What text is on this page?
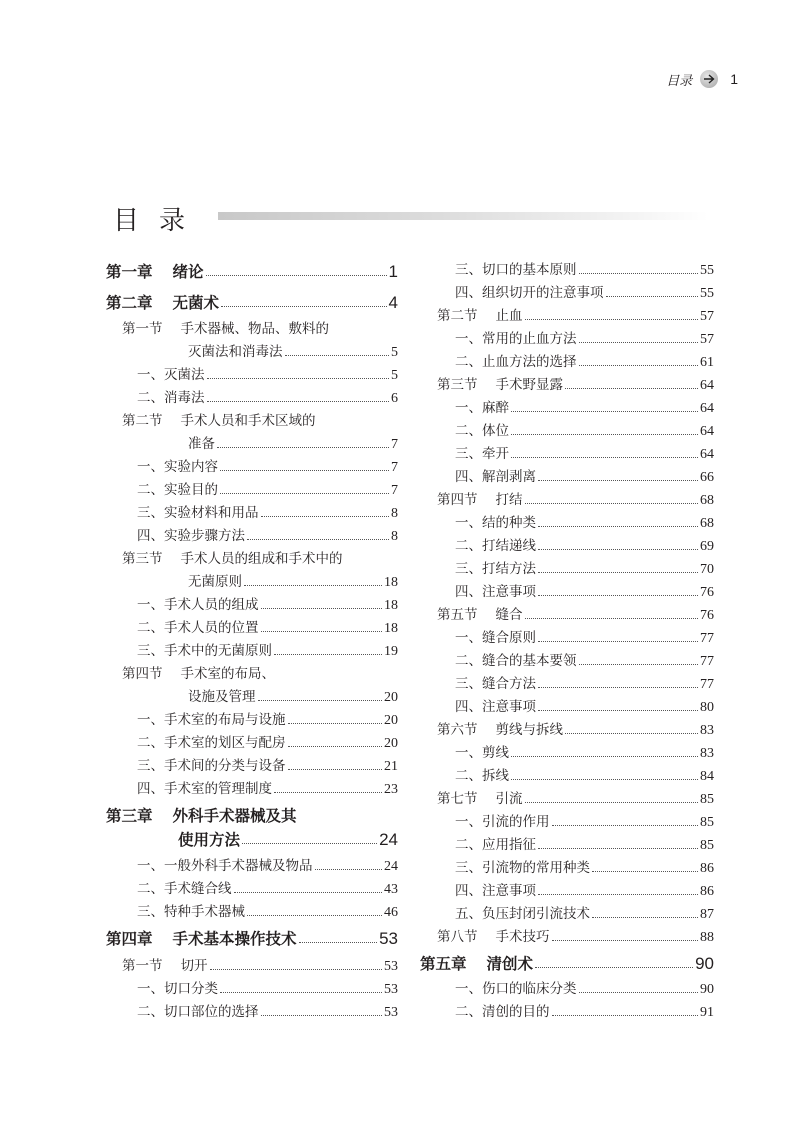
目录	1
目录
第一章 绪论	1
第二章 无菌术	4
第一节 手术器械、物品、敷料的
灭菌法和消毒法	5
一、灭菌法	5
二、消毒法	6
第二节 手术人员和手术区域的
准备	7
一、实验内容	7
二、实验目的	7
三、实验材料和用品	8
四、实验步骤方法	8
第三节 手术人员的组成和手术中的
无菌原则	18
一、手术人员的组成	18
二、手术人员的位置	18
三、手术中的无菌原则	19
第四节 手术室的布局、
设施及管理	20
一、手术室的布局与设施	20
二、手术室的划区与配房	20
三、手术间的分类与设备	21
四、手术室的管理制度	23
第三章 外科手术器械及其
使用方法	24
一、一般外科手术器械及物品	24
二、手术缝合线	43
三、特种手术器械	46
第四章 手术基本操作技术	53
第一节 切开	53
一、切口分类	53
二、切口部位的选择	53
三、切口的基本原则	55
四、组织切开的注意事项	55
第二节 止血	57
一、常用的止血方法	57
二、止血方法的选择	61
第三节 手术野显露	64
一、麻醉	64
二、体位	64
三、牵开	64
四、解剖剥离	66
第四节 打结	68
一、结的种类	68
二、打结递线	69
三、打结方法	70
四、注意事项	76
第五节 缝合	76
一、缝合原则	77
二、缝合的基本要领	77
三、缝合方法	77
四、注意事项	80
第六节 剪线与拆线	83
一、剪线	83
二、拆线	84
第七节 引流	85
一、引流的作用	85
二、应用指征	85
三、引流物的常用种类	86
四、注意事项	86
五、负压封闭引流技术	87
第八节 手术技巧	88
第五章 清创术	90
一、伤口的临床分类	90
二、清创的目的	91
